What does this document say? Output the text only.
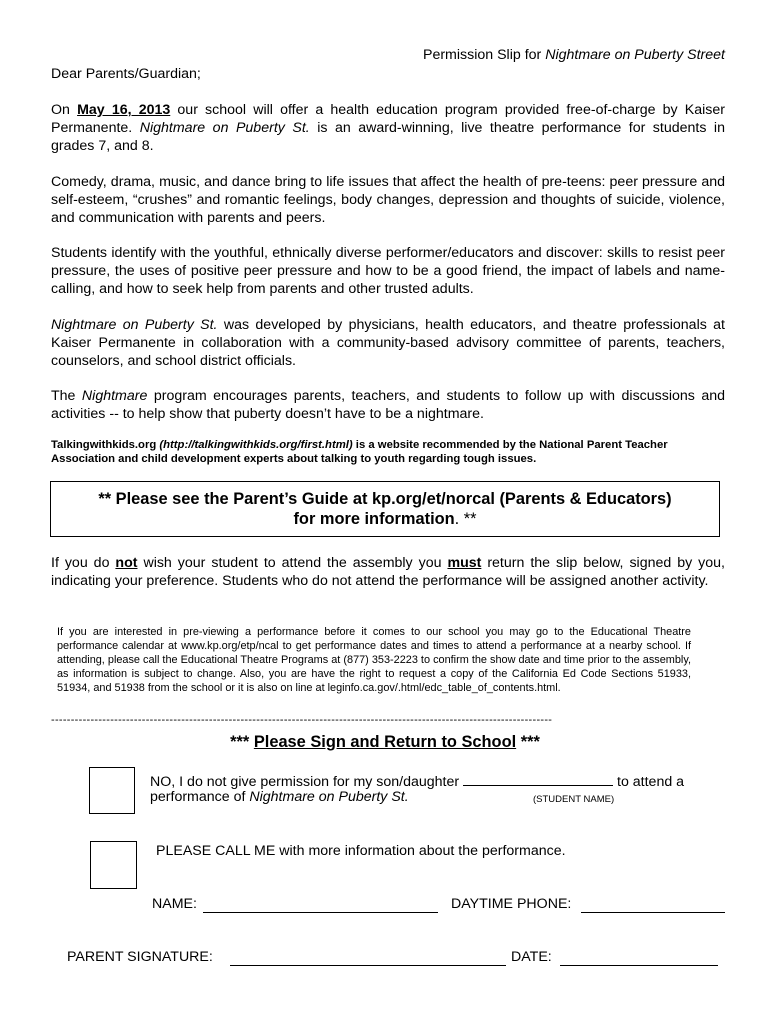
Permission Slip for Nightmare on Puberty Street
Dear Parents/Guardian;

On May 16, 2013 our school will offer a health education program provided free-of-charge by Kaiser Permanente. Nightmare on Puberty St. is an award-winning, live theatre performance for students in grades 7, and 8.

Comedy, drama, music, and dance bring to life issues that affect the health of pre-teens: peer pressure and self-esteem, “crushes” and romantic feelings, body changes, depression and thoughts of suicide, violence, and communication with parents and peers.

Students identify with the youthful, ethnically diverse performer/educators and discover: skills to resist peer pressure, the uses of positive peer pressure and how to be a good friend, the impact of labels and name-calling, and how to seek help from parents and other trusted adults.

Nightmare on Puberty St. was developed by physicians, health educators, and theatre professionals at Kaiser Permanente in collaboration with a community-based advisory committee of parents, teachers, counselors, and school district officials.

The Nightmare program encourages parents, teachers, and students to follow up with discussions and activities -- to help show that puberty doesn’t have to be a nightmare.

Talkingwithkids.org (http://talkingwithkids.org/first.html) is a website recommended by the National Parent Teacher Association and child development experts about talking to youth regarding tough issues.

** Please see the Parent’s Guide at kp.org/et/norcal (Parents & Educators)
for more information. **

If you do not wish your student to attend the assembly you must return the slip below, signed by you, indicating your preference. Students who do not attend the performance will be assigned another activity.

If you are interested in pre-viewing a performance before it comes to our school you may go to the Educational Theatre performance calendar at www.kp.org/etp/ncal to get performance dates and times to attend a performance at a nearby school. If attending, please call the Educational Theatre Programs at (877) 353-2223 to confirm the show date and time prior to the assembly, as information is subject to change. Also, you are have the right to request a copy of the California Ed Code Sections 51933, 51934, and 51938 from the school or it is also on line at leginfo.ca.gov/.html/edc_table_of_contents.html.

-------------------------------------------------------------------------------------------------------------------------------
*** Please Sign and Return to School ***
NO, I do not give permission for my son/daughter	to attend a
performance of Nightmare on Puberty St.	(STUDENT NAME)
PLEASE CALL ME with more information about the performance.
NAME:	DAYTIME PHONE:
PARENT SIGNATURE:	DATE:
